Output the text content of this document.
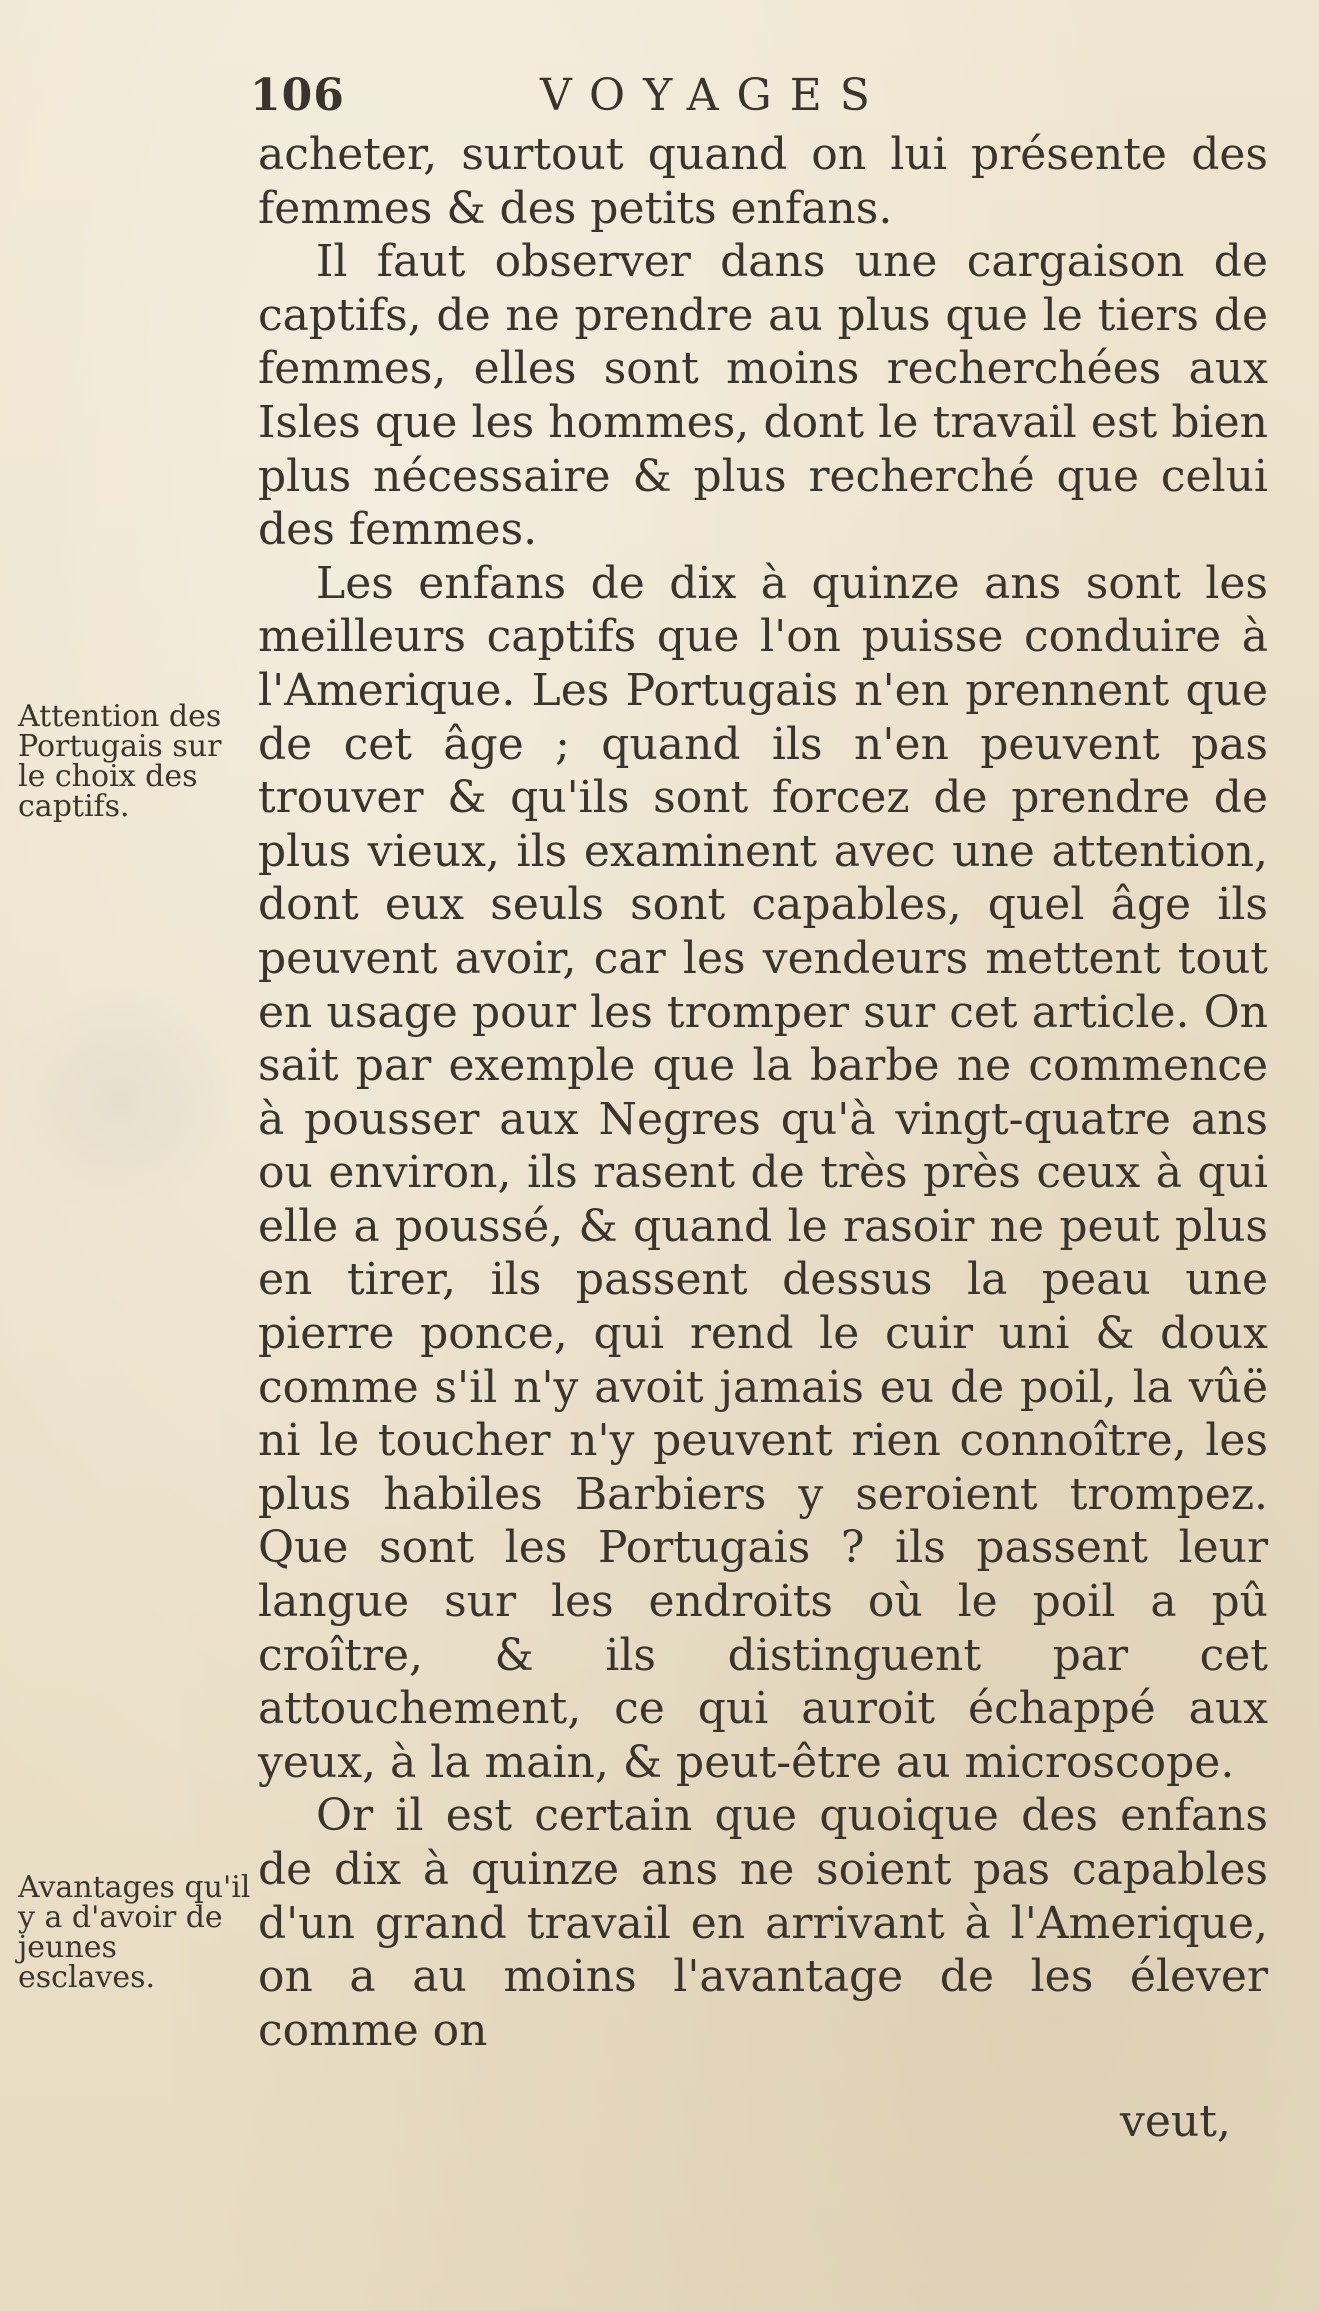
106	VOYAGES

acheter, surtout quand on lui présente des femmes & des petits enfans.

Il faut observer dans une cargaison de captifs, de ne prendre au plus que le tiers de femmes, elles sont moins recherchées aux Isles que les hommes, dont le travail est bien plus nécessaire & plus recherché que celui des femmes.

Les enfans de dix à quinze ans sont les meilleurs captifs que l'on puisse conduire à l'Amerique. Les Portugais n'en prennent que de cet âge ; quand ils n'en peuvent pas trouver & qu'ils sont forcez de prendre de plus vieux, ils examinent avec une attention, dont eux seuls sont capables, quel âge ils peuvent avoir, car les vendeurs mettent tout en usage pour les tromper sur cet article. On sait par exemple que la barbe ne commence à pousser aux Negres qu'à vingt-quatre ans ou environ, ils rasent de très près ceux à qui elle a poussé, & quand le rasoir ne peut plus en tirer, ils passent dessus la peau une pierre ponce, qui rend le cuir uni & doux comme s'il n'y avoit jamais eu de poil, la vûë ni le toucher n'y peuvent rien connoître, les plus habiles Barbiers y seroient trompez. Que sont les Portugais ? ils passent leur langue sur les endroits où le poil a pû croître, & ils distinguent par cet attouchement, ce qui auroit échappé aux yeux, à la main, & peut-être au microscope.

Or il est certain que quoique des enfans de dix à quinze ans ne soient pas capables d'un grand travail en arrivant à l'Amerique, on a au moins l'avantage de les élever comme on

Attention des Portugais sur le choix des captifs.
Avantages qu'il y a d'avoir de jeunes esclaves.
veut,
